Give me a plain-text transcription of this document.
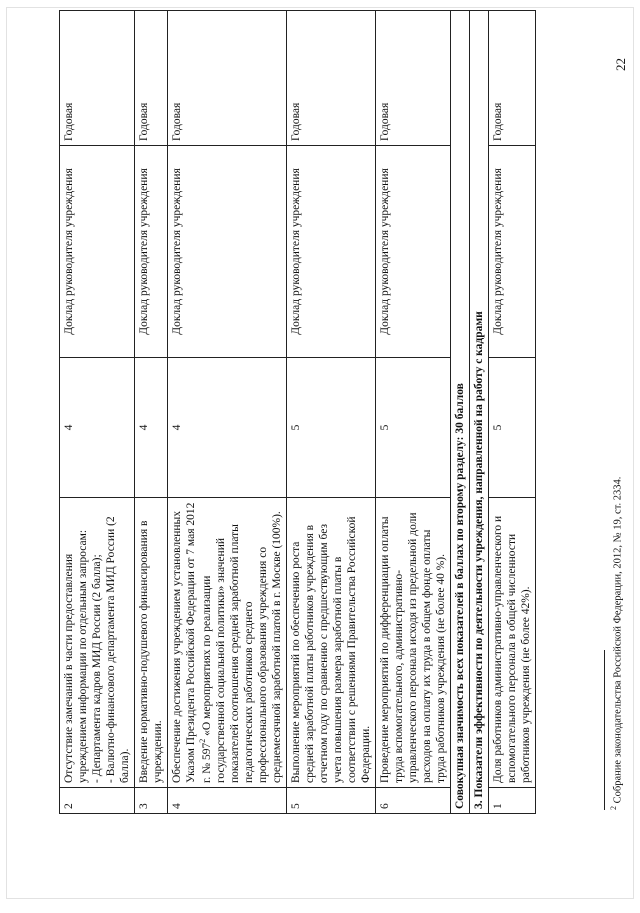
22
2	Отсутствие замечаний в части предоставления учреждением информации по отдельным запросам: - Департамента кадров МИД России (2 балла); - Валютно-финансового департамента МИД России (2 балла).	4	Доклад руководителя учреждения	Годовая
3	Введение нормативно-подушевого финансирования в учреждении.	4	Доклад руководителя учреждения	Годовая
4	Обеспечение достижения учреждением установленных Указом Президента Российской Федерации от 7 мая 2012 г. № $597^2$ «О мероприятиях по реализации государственной социальной политики» значений показателей соотношения средней заработной платы педагогических работников среднего профессионального образования учреждения со среднемесячной заработной платой в г. Москве (100%).	4	Доклад руководителя учреждения	Годовая
5	Выполнение мероприятий по обеспечению роста средней заработной платы работников учреждения в отчетном году по сравнению с предшествующим без учета повышения размера заработной платы в соответствии с решениями Правительства Российской Федерации.	5	Доклад руководителя учреждения	Годовая
6	Проведение мероприятий по дифференциации оплаты труда вспомогательного, административно-управленческого персонала исходя из предельной доли расходов на оплату их труда в общем фонде оплаты труда работников учреждения (не более 40 %).	5	Доклад руководителя учреждения	Годовая
Совокупная значимость всех показателей в баллах по второму разделу: 30 баллов				
3. Показатели эффективности по деятельности учреждения, направленной на работу с кадрами				
1	Доля работников административно-управленческого и вспомогательного персонала в общей численности работников учреждения (не более 42%).	5	Доклад руководителя учреждения	Годовая
$^2$ Собрание законодательства Российской Федерации, 2012, № 19, ст. 2334.
